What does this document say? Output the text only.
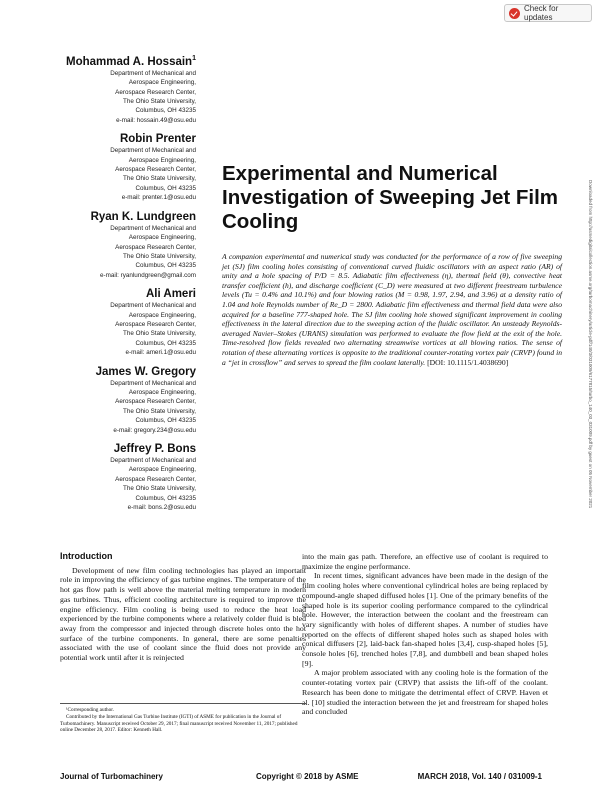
Check for updates
Mohammad A. Hossain$^1$
Department of Mechanical and
Aerospace Engineering,
Aerospace Research Center,
The Ohio State University,
Columbus, OH 43235
e-mail: hossain.49@osu.edu
Robin Prenter
Department of Mechanical and
Aerospace Engineering,
Aerospace Research Center,
The Ohio State University,
Columbus, OH 43235
e-mail: prenter.1@osu.edu
Ryan K. Lundgreen
Department of Mechanical and
Aerospace Engineering,
Aerospace Research Center,
The Ohio State University,
Columbus, OH 43235
e-mail: ryanlundgreen@gmail.com
Ali Ameri
Department of Mechanical and
Aerospace Engineering,
Aerospace Research Center,
The Ohio State University,
Columbus, OH 43235
e-mail: ameri.1@osu.edu
James W. Gregory
Department of Mechanical and
Aerospace Engineering,
Aerospace Research Center,
The Ohio State University,
Columbus, OH 43235
e-mail: gregory.234@osu.edu
Jeffrey P. Bons
Department of Mechanical and
Aerospace Engineering,
Aerospace Research Center,
The Ohio State University,
Columbus, OH 43235
e-mail: bons.2@osu.edu
Experimental and Numerical Investigation of Sweeping Jet Film Cooling

A companion experimental and numerical study was conducted for the performance of a row of five sweeping jet (SJ) film cooling holes consisting of conventional curved fluidic oscillators with an aspect ratio (AR) of unity and a hole spacing of P/D = 8.5. Adiabatic film effectiveness (η), thermal field (θ), convective heat transfer coefficient (h), and discharge coefficient (C_D) were measured at two different freestream turbulence levels (Tu = 0.4% and 10.1%) and four blowing ratios (M = 0.98, 1.97, 2.94, and 3.96) at a density ratio of 1.04 and hole Reynolds number of Re_D = 2800. Adiabatic film effectiveness and thermal field data were also acquired for a baseline 777-shaped hole. The SJ film cooling hole showed significant improvement in cooling effectiveness in the lateral direction due to the sweeping action of the fluidic oscillator. An unsteady Reynolds-averaged Navier–Stokes (URANS) simulation was performed to evaluate the flow field at the exit of the hole. Time-resolved flow fields revealed two alternating streamwise vortices at all blowing ratios. The sense of rotation of these alternating vortices is opposite to the traditional counter-rotating vortex pair (CRVP) found in a “jet in crossflow” and serves to spread the film coolant laterally. [DOI: 10.1115/1.4038690]	Downloaded from http://asmedigitalcollection.asme.org/turbomachinery/article-pdf/140/3/031009/6177815/turbo_140_03_031009.pdf by guest on 05 November 2021
Introduction

Development of new film cooling technologies has played an important role in improving the efficiency of gas turbine engines. The temperature of the hot gas flow path is well above the material melting temperature in modern gas turbines. Thus, efficient cooling architecture is required to improve the engine efficiency. Film cooling is being used to reduce the heat load experienced by the turbine components where a relatively colder fluid is bled away from the compressor and injected through discrete holes onto the hot surface of the turbine components. In general, there are some penalties associated with the use of coolant since the fluid does not provide any potential work until after it is reinjected

into the main gas path. Therefore, an effective use of coolant is required to maximize the engine performance.

In recent times, significant advances have been made in the design of the film cooling holes where conventional cylindrical holes are being replaced by compound-angle shaped diffused holes [1]. One of the primary benefits of the shaped hole is its superior cooling performance compared to the cylindrical hole. However, the interaction between the coolant and the freestream can vary significantly with holes of different shapes. A number of studies have reported on the effects of different shaped holes such as shaped holes with conical diffusers [2], laid-back fan-shaped holes [3,4], cusp-shaped holes [5], console holes [6], trenched holes [7,8], and dumbbell and bean shaped holes [9].

A major problem associated with any cooling hole is the formation of the counter-rotating vortex pair (CRVP) that assists the lift-off of the coolant. Research has been done to mitigate the detrimental effect of CRVP. Haven et al. [10] studied the interaction between the jet and freestream for shaped holes and concluded

¹Corresponding author.

Contributed by the International Gas Turbine Institute (IGTI) of ASME for publication in the Journal of Turbomachinery. Manuscript received October 29, 2017; final manuscript received November 11, 2017; published online December 28, 2017. Editor: Kenneth Hall.

Journal of Turbomachinery	Copyright © 2018 by ASME	MARCH 2018, Vol. 140 / 031009-1
